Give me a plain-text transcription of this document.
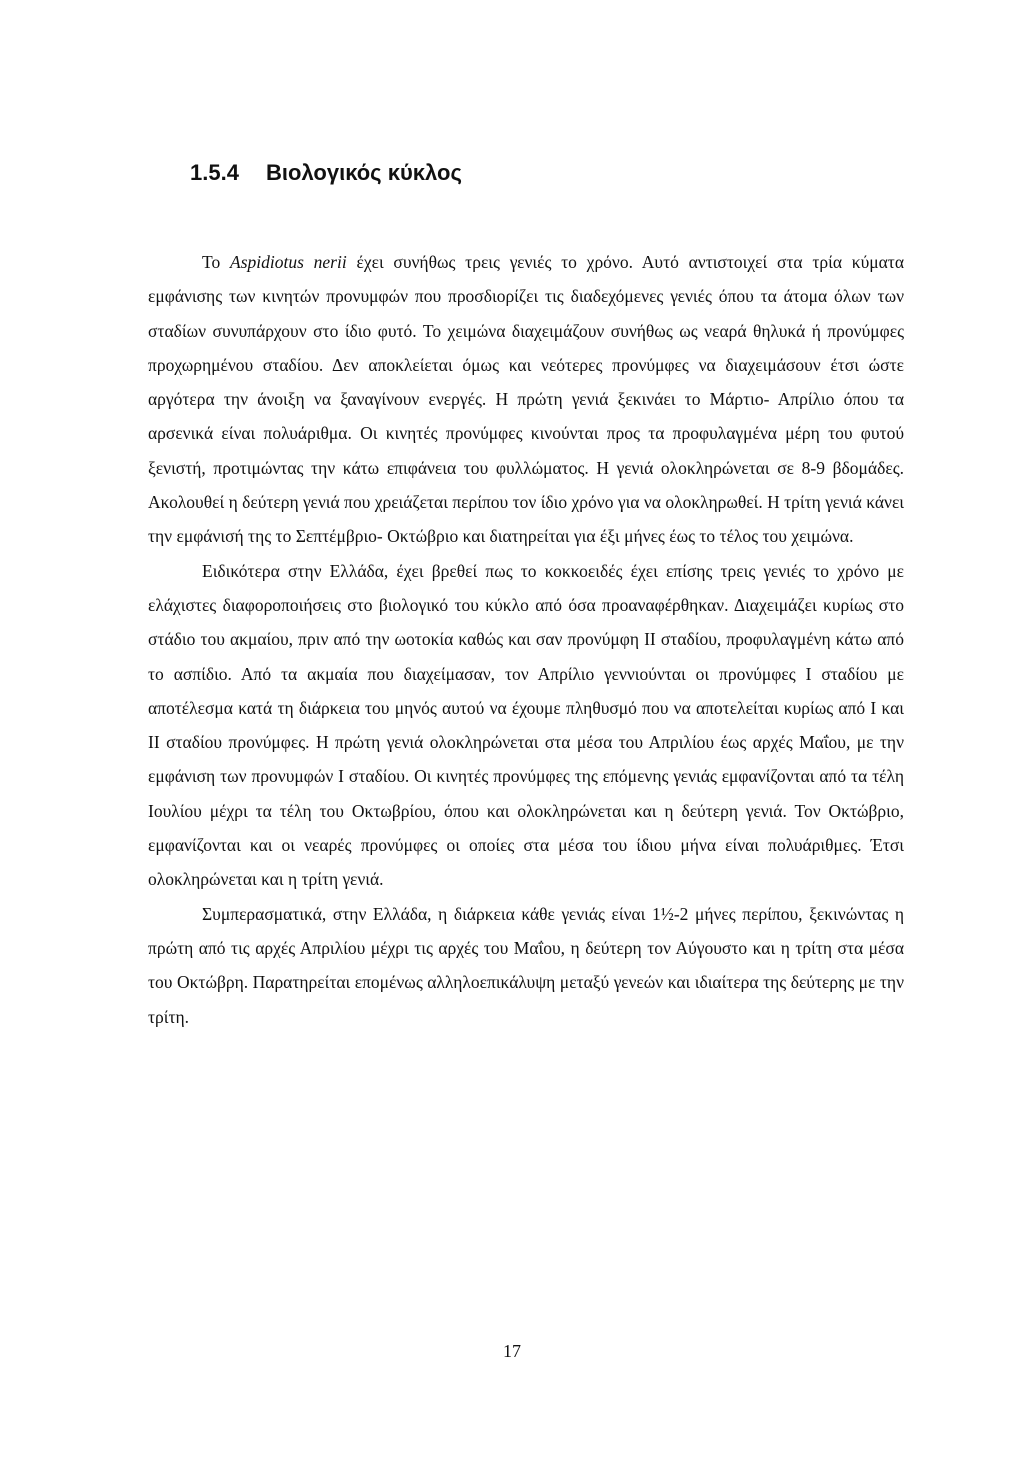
1.5.4 Βιολογικός κύκλος

Το Aspidiotus nerii έχει συνήθως τρεις γενιές το χρόνο. Αυτό αντιστοιχεί στα τρία κύματα εμφάνισης των κινητών προνυμφών που προσδιορίζει τις διαδεχόμενες γενιές όπου τα άτομα όλων των σταδίων συνυπάρχουν στο ίδιο φυτό. Το χειμώνα διαχειμάζουν συνήθως ως νεαρά θηλυκά ή προνύμφες προχωρημένου σταδίου. Δεν αποκλείεται όμως και νεότερες προνύμφες να διαχειμάσουν έτσι ώστε αργότερα την άνοιξη να ξαναγίνουν ενεργές. Η πρώτη γενιά ξεκινάει το Μάρτιο- Απρίλιο όπου τα αρσενικά είναι πολυάριθμα. Οι κινητές προνύμφες κινούνται προς τα προφυλαγμένα μέρη του φυτού ξενιστή, προτιμώντας την κάτω επιφάνεια του φυλλώματος. Η γενιά ολοκληρώνεται σε 8-9 βδομάδες. Ακολουθεί η δεύτερη γενιά που χρειάζεται περίπου τον ίδιο χρόνο για να ολοκληρωθεί. Η τρίτη γενιά κάνει την εμφάνισή της το Σεπτέμβριο- Οκτώβριο και διατηρείται για έξι μήνες έως το τέλος του χειμώνα.

Ειδικότερα στην Ελλάδα, έχει βρεθεί πως το κοκκοειδές έχει επίσης τρεις γενιές το χρόνο με ελάχιστες διαφοροποιήσεις στο βιολογικό του κύκλο από όσα προαναφέρθηκαν. Διαχειμάζει κυρίως στο στάδιο του ακμαίου, πριν από την ωοτοκία καθώς και σαν προνύμφη II σταδίου, προφυλαγμένη κάτω από το ασπίδιο. Από τα ακμαία που διαχείμασαν, τον Απρίλιο γεννιούνται οι προνύμφες I σταδίου με αποτέλεσμα κατά τη διάρκεια του μηνός αυτού να έχουμε πληθυσμό που να αποτελείται κυρίως από I και II σταδίου προνύμφες. Η πρώτη γενιά ολοκληρώνεται στα μέσα του Απριλίου έως αρχές Μαΐου, με την εμφάνιση των προνυμφών I σταδίου. Οι κινητές προνύμφες της επόμενης γενιάς εμφανίζονται από τα τέλη Ιουλίου μέχρι τα τέλη του Οκτωβρίου, όπου και ολοκληρώνεται και η δεύτερη γενιά. Τον Οκτώβριο, εμφανίζονται και οι νεαρές προνύμφες οι οποίες στα μέσα του ίδιου μήνα είναι πολυάριθμες. Έτσι ολοκληρώνεται και η τρίτη γενιά.

Συμπερασματικά, στην Ελλάδα, η διάρκεια κάθε γενιάς είναι 1½-2 μήνες περίπου, ξεκινώντας η πρώτη από τις αρχές Απριλίου μέχρι τις αρχές του Μαΐου, η δεύτερη τον Αύγουστο και η τρίτη στα μέσα του Οκτώβρη. Παρατηρείται επομένως αλληλοεπικάλυψη μεταξύ γενεών και ιδιαίτερα της δεύτερης με την τρίτη.

17
